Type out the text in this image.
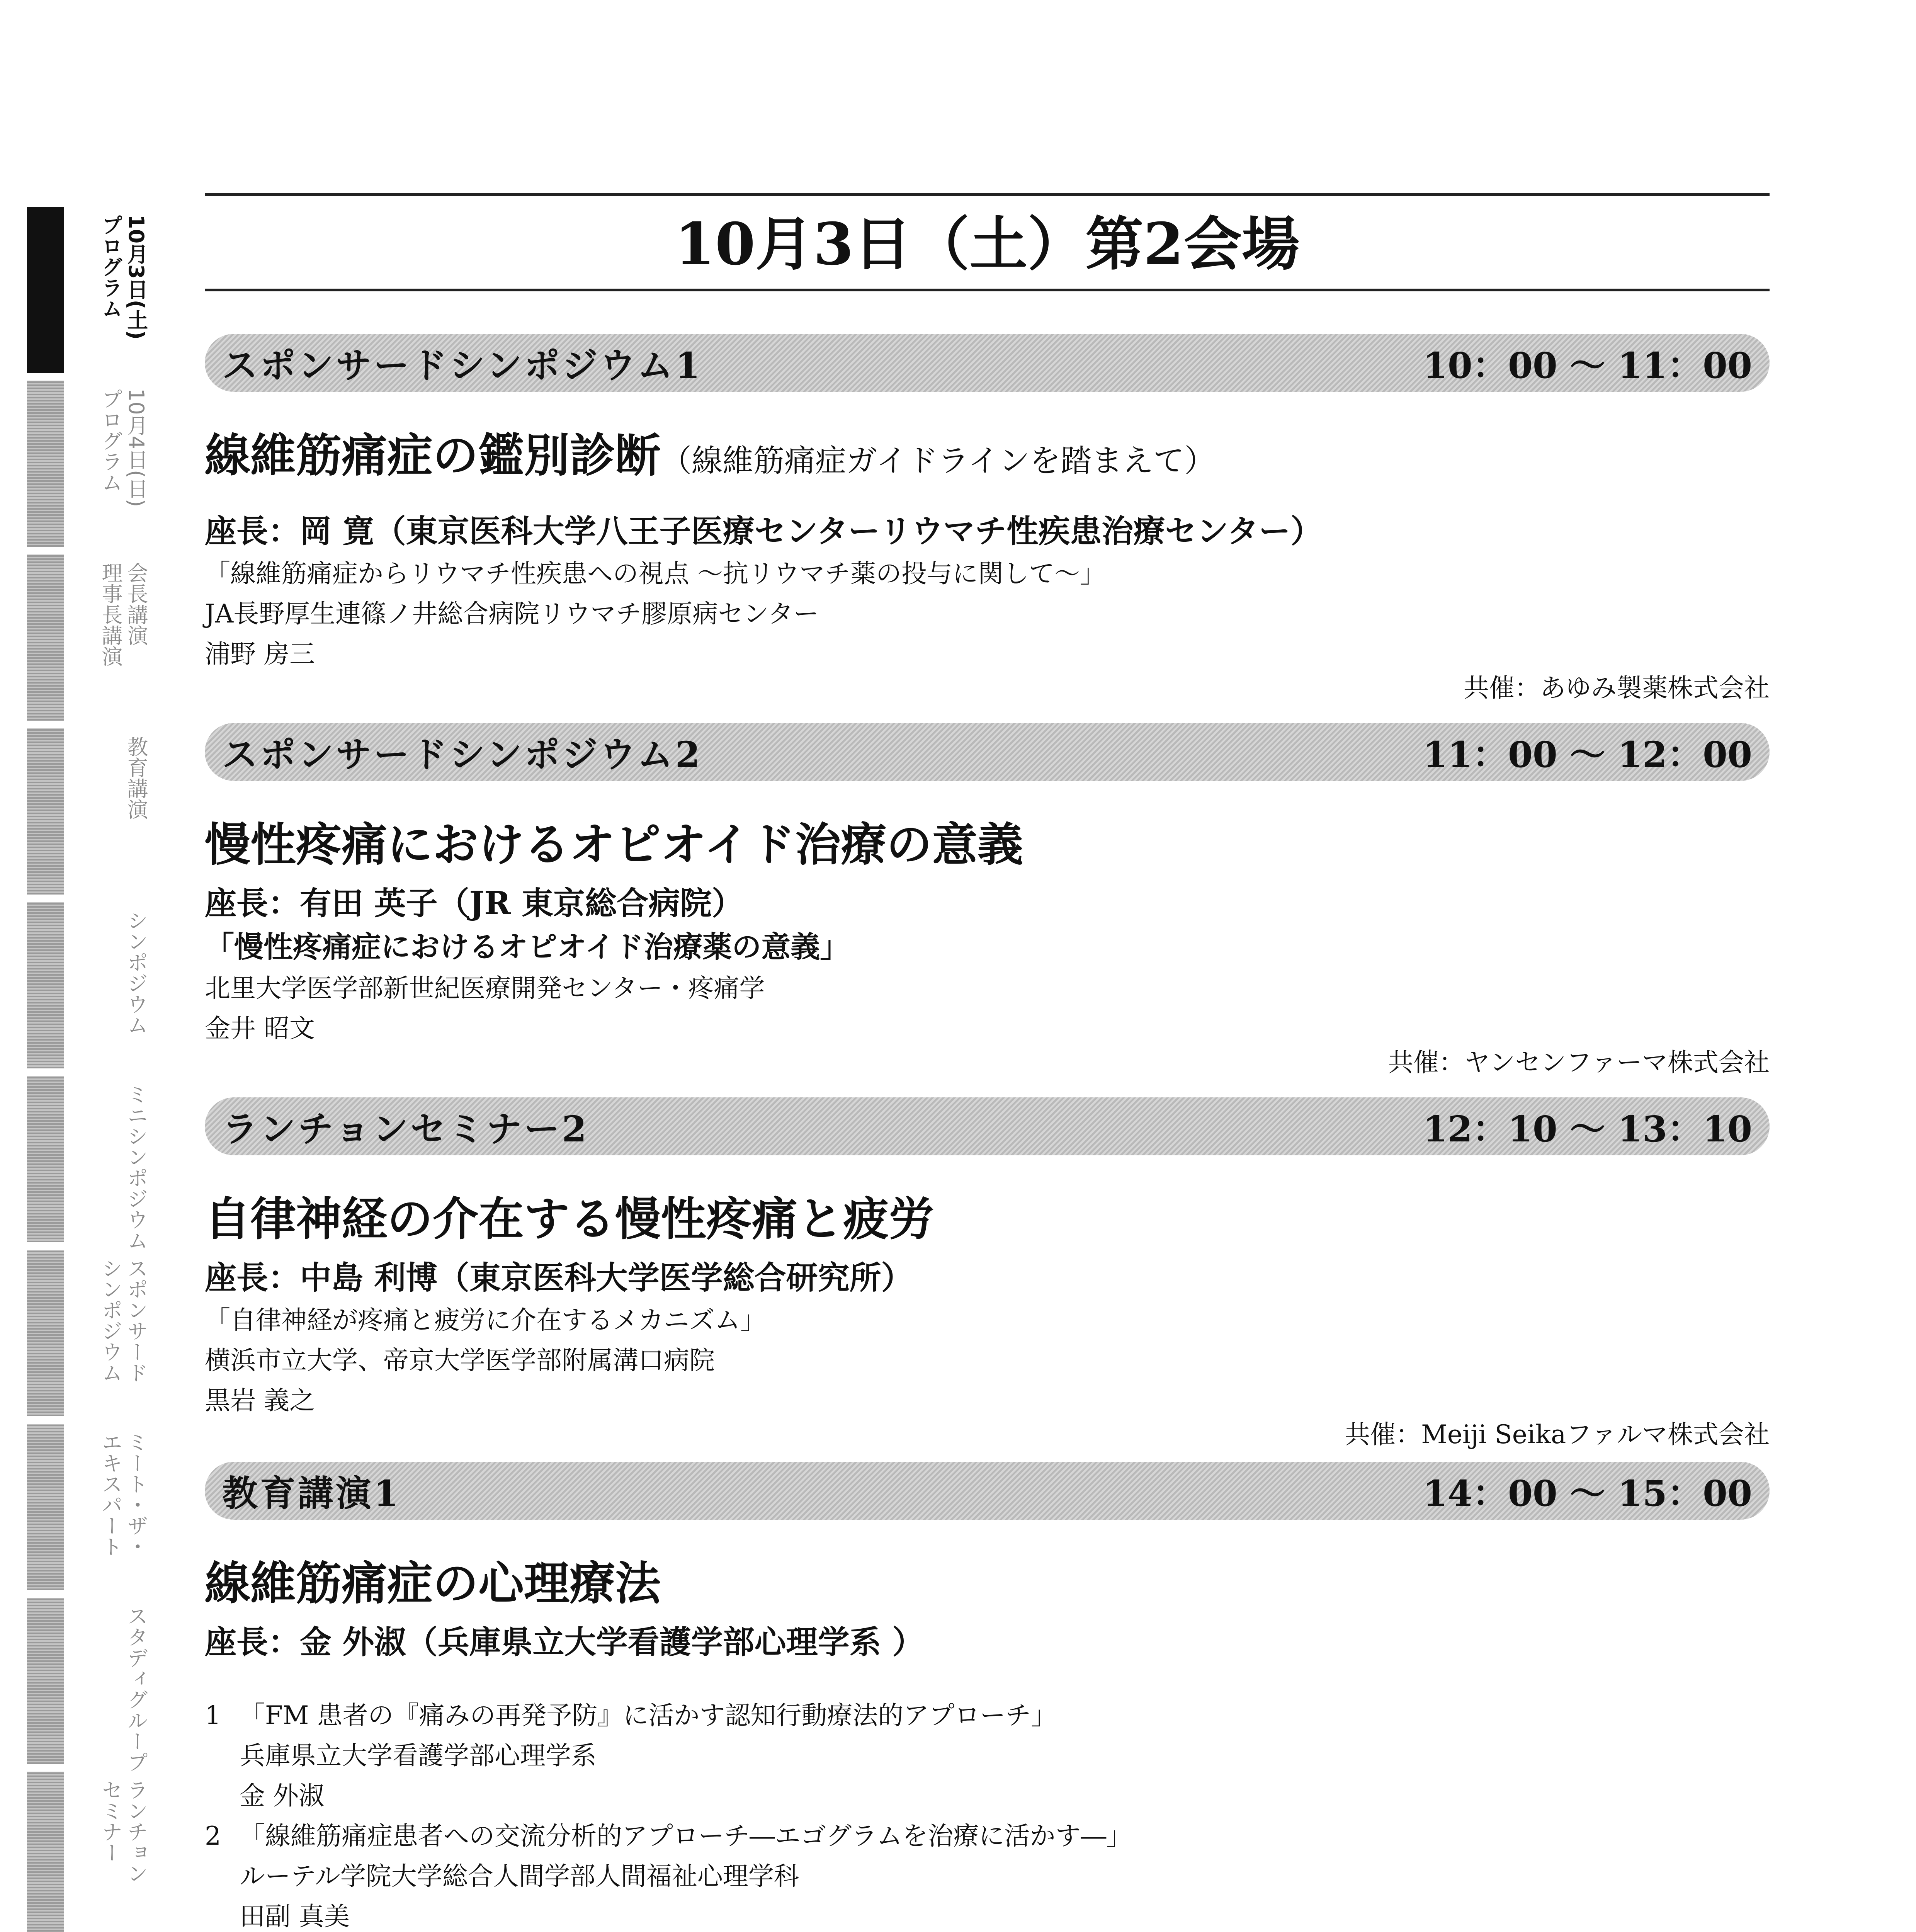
10月3日(土)
プログラム
10月4日(日)
プログラム
会長講演
理事長講演
教育講演
シンポジウム
ミニシンポジウム
スポンサード
シンポジウム
ミート・ザ・
エキスパート
スタディグループ
ランチョン
セミナー
10月3日（土）第2会場
スポンサードシンポジウム1	10：00 〜 11：00
線維筋痛症の鑑別診断（線維筋痛症ガイドラインを踏まえて）
座長：岡 寛（東京医科大学八王子医療センターリウマチ性疾患治療センター）
「線維筋痛症からリウマチ性疾患への視点 〜抗リウマチ薬の投与に関して〜」
JA長野厚生連篠ノ井総合病院リウマチ膠原病センター
浦野 房三
共催：あゆみ製薬株式会社
スポンサードシンポジウム2	11：00 〜 12：00
慢性疼痛におけるオピオイド治療の意義
座長：有田 英子（JR 東京総合病院）
「慢性疼痛症におけるオピオイド治療薬の意義」
北里大学医学部新世紀医療開発センター・疼痛学
金井 昭文
共催：ヤンセンファーマ株式会社
ランチョンセミナー2	12：10 〜 13：10
自律神経の介在する慢性疼痛と疲労
座長：中島 利博（東京医科大学医学総合研究所）
「自律神経が疼痛と疲労に介在するメカニズム」
横浜市立大学、帝京大学医学部附属溝口病院
黒岩 義之
共催：Meiji Seikaファルマ株式会社
教育講演1	14：00 〜 15：00
線維筋痛症の心理療法
座長：金 外淑（兵庫県立大学看護学部心理学系 ）
1 「FM 患者の『痛みの再発予防』に活かす認知行動療法的アプローチ」
兵庫県立大学看護学部心理学系
金 外淑
2 「線維筋痛症患者への交流分析的アプローチ―エゴグラムを治療に活かす―」
ルーテル学院大学総合人間学部人間福祉心理学科
田副 真美
